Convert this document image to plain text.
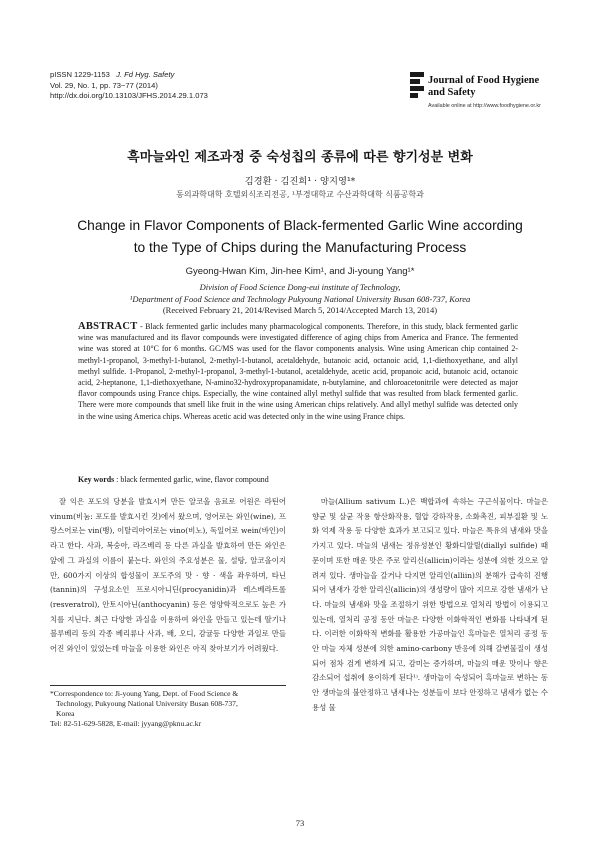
pISSN 1229-1153 J. Fd Hyg. Safety
Vol. 29, No. 1, pp. 73~77 (2014)
http://dx.doi.org/10.13103/JFHS.2014.29.1.073
Journal of Food Hygiene
and Safety
Available online at http://www.foodhygiene.or.kr
흑마늘와인 제조과정 중 숙성칩의 종류에 따른 향기성분 변화
김경환 · 김진희¹ · 양지영¹*
동의과학대학 호텔외식조리전공, ¹부경대학교 수산과학대학 식품공학과
Change in Flavor Components of Black-fermented Garlic Wine according
to the Type of Chips during the Manufacturing Process
Gyeong-Hwan Kim, Jin-hee Kim¹, and Ji-young Yang¹*
Division of Food Science Dong-eui institute of Technology,
¹Department of Food Science and Technology Pukyoung National University Busan 608-737, Korea
(Received February 21, 2014/Revised March 5, 2014/Accepted March 13, 2014)
ABSTRACT - Black fermented garlic includes many pharmacological components. Therefore, in this study, black fermented garlic wine was manufactured and its flavor compounds were investigated difference of aging chips from America and France. The fermented wine was stored at 10°C for 6 months. GC/MS was used for the flavor components analysis. Wine using American chip contained 2-methyl-1-propanol, 3-methyl-1-butanol, 2-methyl-1-butanol, acetaldehyde, butanoic acid, octanoic acid, 1,1-diethoxyethane, and allyl methyl sulfide. 1-Propanol, 2-methyl-1-propanol, 3-methyl-1-butanol, acetaldehyde, acetic acid, propanoic acid, butanoic acid, octanoic acid, 2-heptanone, 1,1-diethoxyethane, N-amino32-hydroxypropanamidate, n-butylamine, and chloroacetonitrile were detected as major flavor compounds using France chips. Especially, the wine contained allyl methyl sulfide that was resulted from black fermented garlic. There were more compounds that smell like fruit in the wine using American chips relatively. And allyl methyl sulfide was detected only in the wine using America chips. Whereas acetic acid was detected only in the wine using France chips.
Key words : black fermented garlic, wine, flavor compound

잘 익은 포도의 당분을 발효시켜 만든 알코올 음료로 어원은 라틴어 vinum(비눔: 포도를 발효시킨 것)에서 왔으며, 영어로는 와인(wine), 프랑스어로는 vin(뱅), 이탈리아어로는 vino(비노), 독일어로 wein(바인)이라고 한다. 사과, 복숭아, 라즈베리 등 다른 과실을 발효하여 만든 와인은 앞에 그 과실의 이름이 붙는다. 와인의 주요성분은 물, 설탕, 알코올이지만, 600가지 이상의 합성물이 포도주의 맛 · 향 · 색을 좌우하며, 타닌(tannin)의 구성요소인 프로시아니딘(procyanidin)과 레스베라트롤(resveratrol), 안토시아닌(anthocyanin) 등은 영양학적으로도 높은 가치를 지닌다. 최근 다양한 과실을 이용하여 와인을 만들고 있는데 딸기나 블루베리 등의 각종 베리류나 사과, 배, 오디, 감귤등 다양한 과일로 만들어진 와인이 있었는데 마늘을 이용한 와인은 아직 찾아보기가 어려웠다.

마늘(Allium sativum L.)은 백합과에 속하는 구근식물이다. 마늘은 향균 및 살균 작용 항산화작용, 혈압 강하작용, 소화촉진, 피부질환 및 노화 억제 작용 등 다양한 효과가 보고되고 있다. 마늘은 특유의 냄새와 맛을 가지고 있다. 마늘의 냄새는 정유성분인 황화디알릴(diallyl sulfide) 때문이며 또한 매운 맛은 주로 알리신(allicin)이라는 성분에 의한 것으로 알려져 있다. 생마늘을 갈거나 다지면 알리인(alliin)의 분해가 급속히 진행되어 냄새가 강한 알리신(allicin)의 생성량이 많아 지므로 강한 냄새가 난다. 마늘의 냄새와 맛을 조절하기 위한 방법으로 열처리 방법이 이용되고 있는데, 열처리 공정 동안 마늘은 다양한 이화학적인 변화를 나타내게 된다. 이러한 이화학적 변화를 활용한 가공마늘인 흑마늘은 열처리 공정 동안 마늘 자체 성분에 의한 amino-carbony 반응에 의해 갈변물질이 생성되어 점차 검게 변하게 되고, 감미는 증가하며, 마늘의 매운 맛이나 향은 감소되어 섭취에 용이하게 된다¹⁾. 생마늘이 숙성되어 흑마늘로 변하는 동안 생마늘의 불안정하고 냄새나는 성분들이 보다 안정하고 냄새가 없는 수용성 물

*Correspondence to: Ji-young Yang, Dept. of Food Science &
Technology, Pukyoung National University Busan 608-737,
Korea
Tel: 82-51-629-5828, E-mail: jyyang@pknu.ac.kr
73
